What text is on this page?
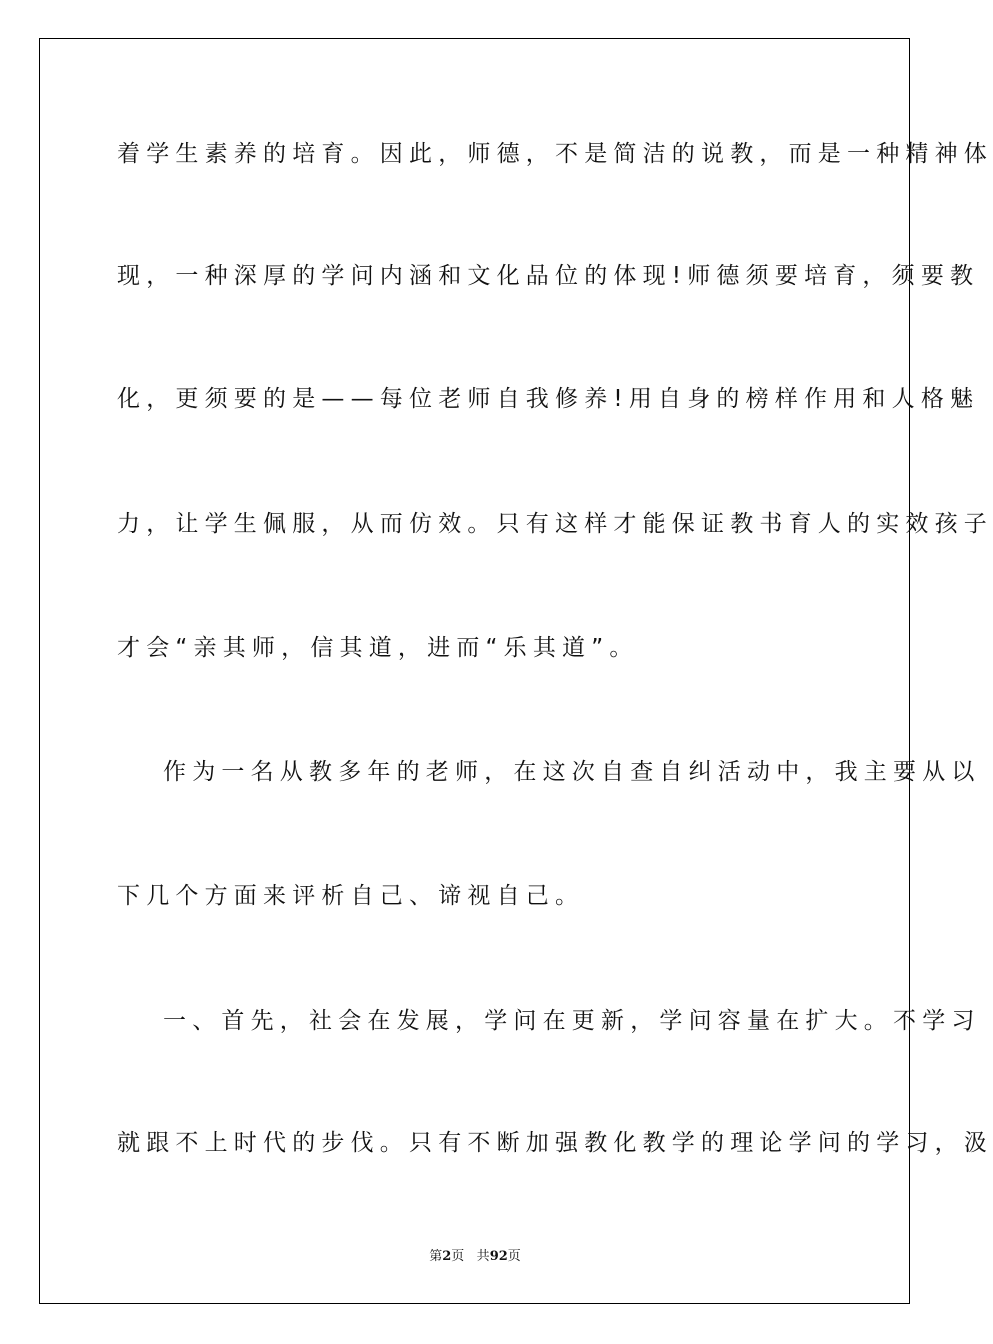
着学生素养的培育。因此，师德，不是简洁的说教，而是一种精神体
现，一种深厚的学问内涵和文化品位的体现!师德须要培育，须要教
化，更须要的是——每位老师自我修养!用自身的榜样作用和人格魅
力，让学生佩服，从而仿效。只有这样才能保证教书育人的实效孩子
才会“亲其师，信其道，进而“乐其道”。
作为一名从教多年的老师，在这次自查自纠活动中，我主要从以
下几个方面来评析自己、谛视自己。
一、首先，社会在发展，学问在更新，学问容量在扩大。不学习
就跟不上时代的步伐。只有不断加强教化教学的理论学问的学习，汲
第2页 共92页
